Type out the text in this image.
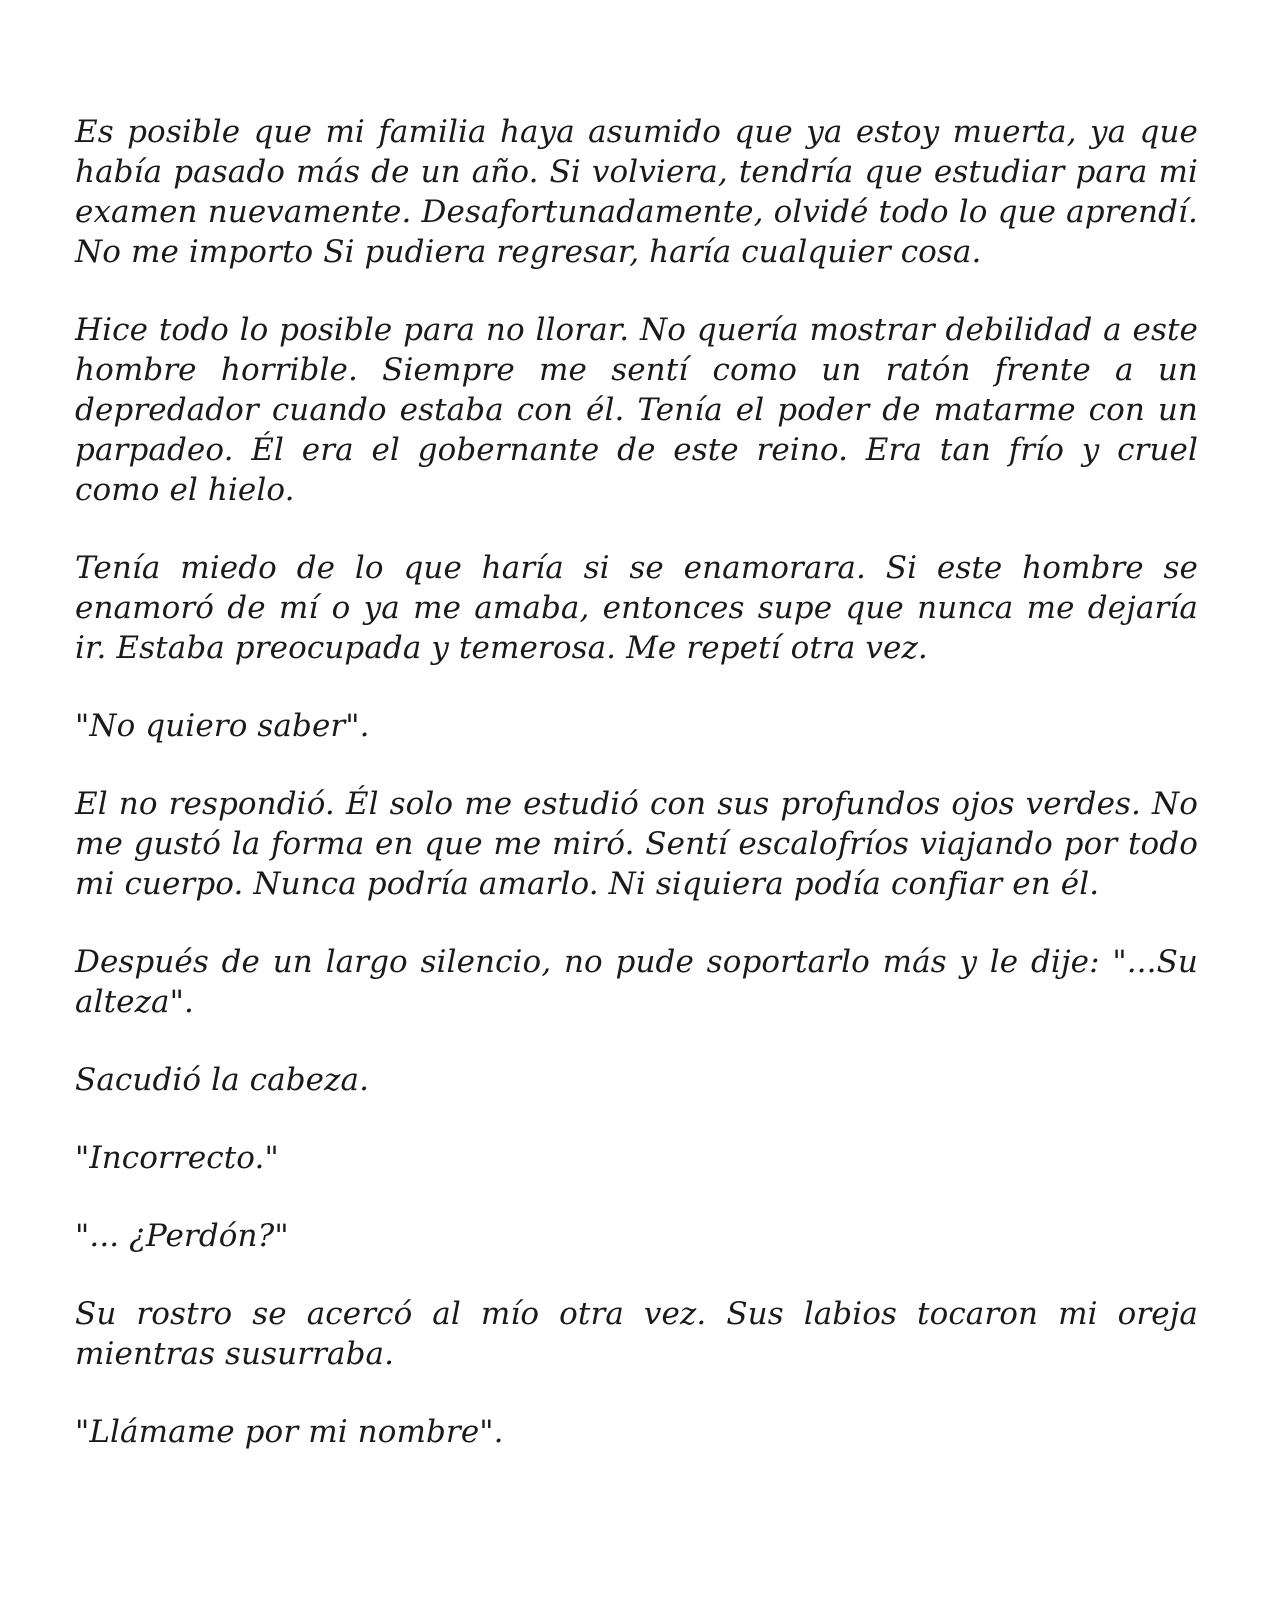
Es posible que mi familia haya asumido que ya estoy muerta, ya que había pasado más de un año. Si volviera, tendría que estudiar para mi examen nuevamente. Desafortunadamente, olvidé todo lo que aprendí. No me importo Si pudiera regresar, haría cualquier cosa.

Hice todo lo posible para no llorar. No quería mostrar debilidad a este hombre horrible. Siempre me sentí como un ratón frente a un depredador cuando estaba con él. Tenía el poder de matarme con un parpadeo. Él era el gobernante de este reino. Era tan frío y cruel como el hielo.

Tenía miedo de lo que haría si se enamorara. Si este hombre se enamoró de mí o ya me amaba, entonces supe que nunca me dejaría ir. Estaba preocupada y temerosa. Me repetí otra vez.

"No quiero saber".

El no respondió. Él solo me estudió con sus profundos ojos verdes. No me gustó la forma en que me miró. Sentí escalofríos viajando por todo mi cuerpo. Nunca podría amarlo. Ni siquiera podía confiar en él.

Después de un largo silencio, no pude soportarlo más y le dije: "...Su alteza".

Sacudió la cabeza.

"Incorrecto."

"... ¿Perdón?"

Su rostro se acercó al mío otra vez. Sus labios tocaron mi oreja mientras susurraba.

"Llámame por mi nombre".
